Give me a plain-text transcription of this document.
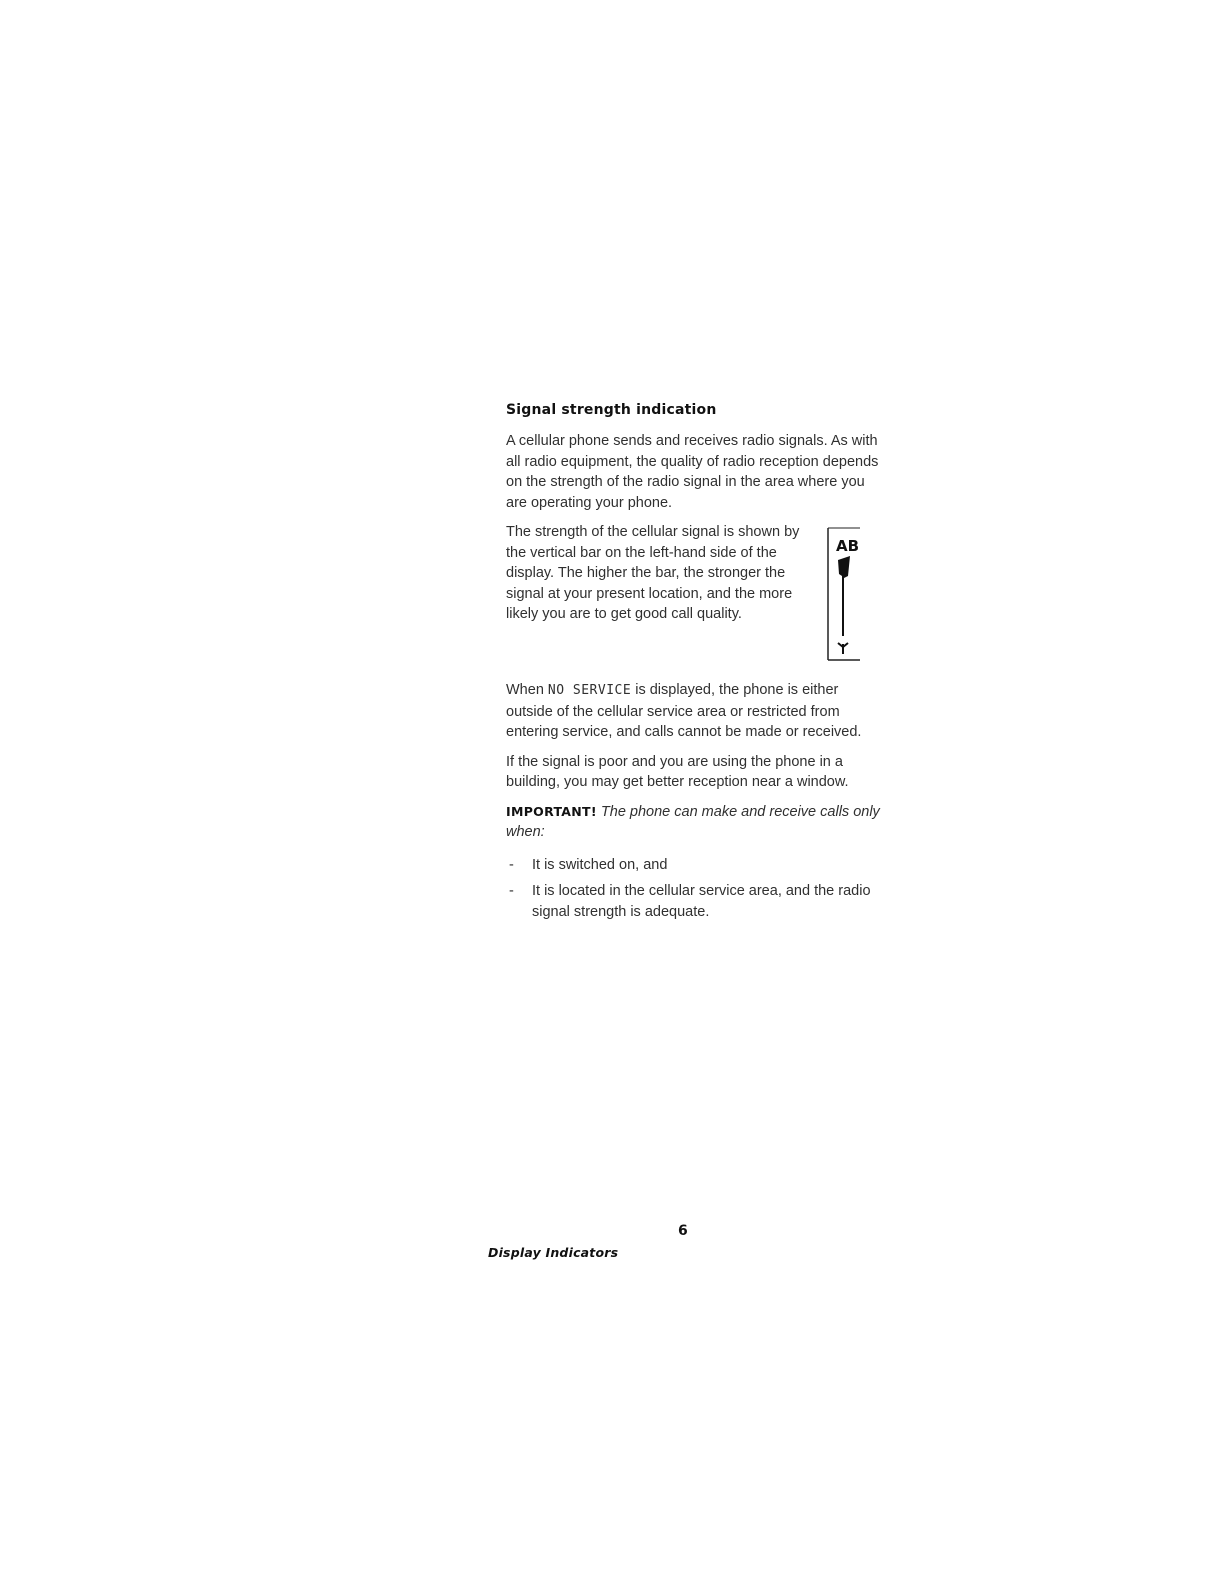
Signal strength indication

A cellular phone sends and receives radio signals. As with all radio equipment, the quality of radio reception depends on the strength of the radio signal in the area where you are operating your phone.

The strength of the cellular signal is shown by the vertical bar on the left-hand side of the display. The higher the bar, the stronger the signal at your present location, and the more likely you are to get good call quality.

AB

When NO SERVICE is displayed, the phone is either outside of the cellular service area or restricted from entering service, and calls cannot be made or received.

If the signal is poor and you are using the phone in a building, you may get better reception near a window.

IMPORTANT! The phone can make and receive calls only when:

- It is switched on, and
- It is located in the cellular service area, and the radio signal strength is adequate.
6
Display Indicators
